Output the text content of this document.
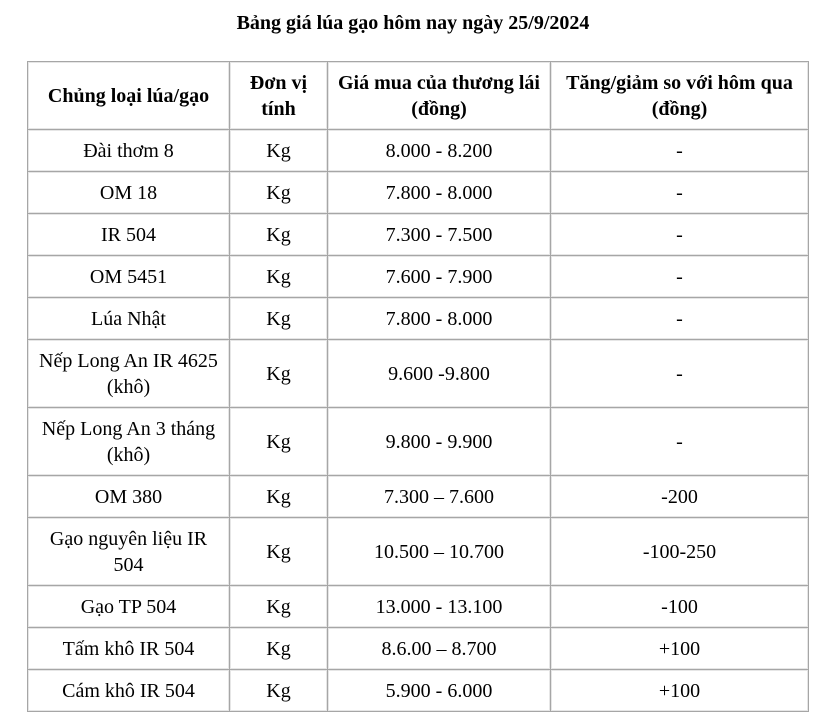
Bảng giá lúa gạo hôm nay ngày 25/9/2024
Chủng loại lúa/gạo	Đơn vị tính	Giá mua của thương lái (đồng)	Tăng/giảm so với hôm qua (đồng)
Đài thơm 8	Kg	8.000 - 8.200	-
OM 18	Kg	7.800 - 8.000	-
IR 504	Kg	7.300 - 7.500	-
OM 5451	Kg	7.600 - 7.900	-
Lúa Nhật	Kg	7.800 - 8.000	-
Nếp Long An IR 4625 (khô)	Kg	9.600 -9.800	-
Nếp Long An 3 tháng (khô)	Kg	9.800 - 9.900	-
OM 380	Kg	7.300 – 7.600	-200
Gạo nguyên liệu IR 504	Kg	10.500 – 10.700	-100-250
Gạo TP 504	Kg	13.000 - 13.100	-100
Tấm khô IR 504	Kg	8.6.00 – 8.700	+100
Cám khô IR 504	Kg	5.900 - 6.000	+100
